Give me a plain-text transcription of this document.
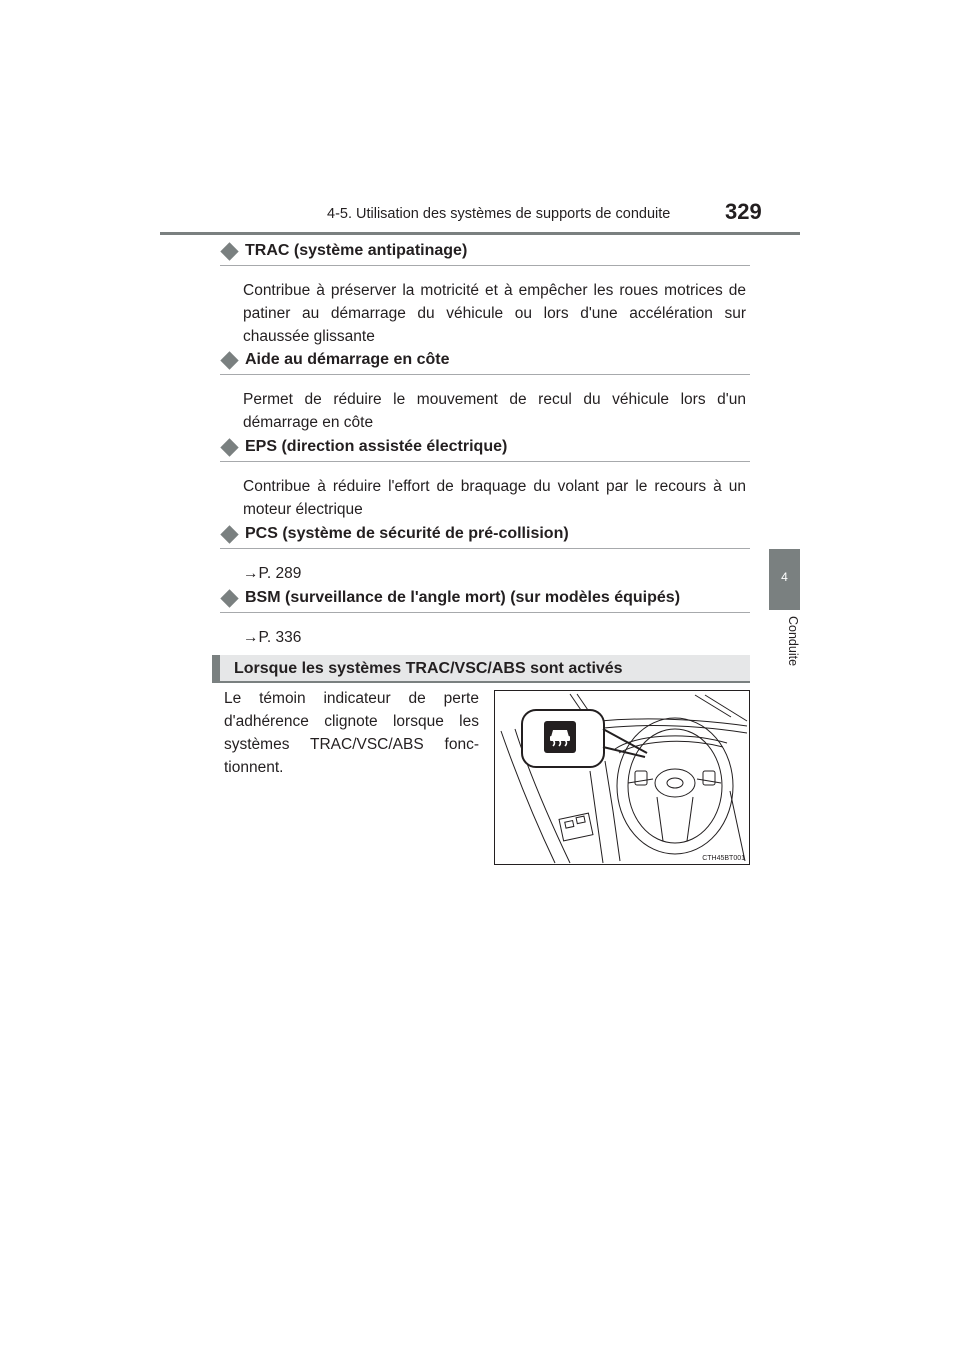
4-5. Utilisation des systèmes de supports de conduite 329
4
Conduite
TRAC (système antipatinage)
Contribue à préserver la motricité et à empêcher les roues motrices de patiner au démarrage du véhicule ou lors d'une accélération sur chaussée glissante
Aide au démarrage en côte
Permet de réduire le mouvement de recul du véhicule lors d'un démarrage en côte
EPS (direction assistée électrique)
Contribue à réduire l'effort de braquage du volant par le recours à un moteur électrique
PCS (système de sécurité de pré-collision)
→P. 289
BSM (surveillance de l'angle mort) (sur modèles équipés)
→P. 336
Lorsque les systèmes TRAC/VSC/ABS sont activés
Le témoin indicateur de perte d'adhérence clignote lorsque les systèmes TRAC/VSC/ABS fonc-tionnent.
CTH45BT001
